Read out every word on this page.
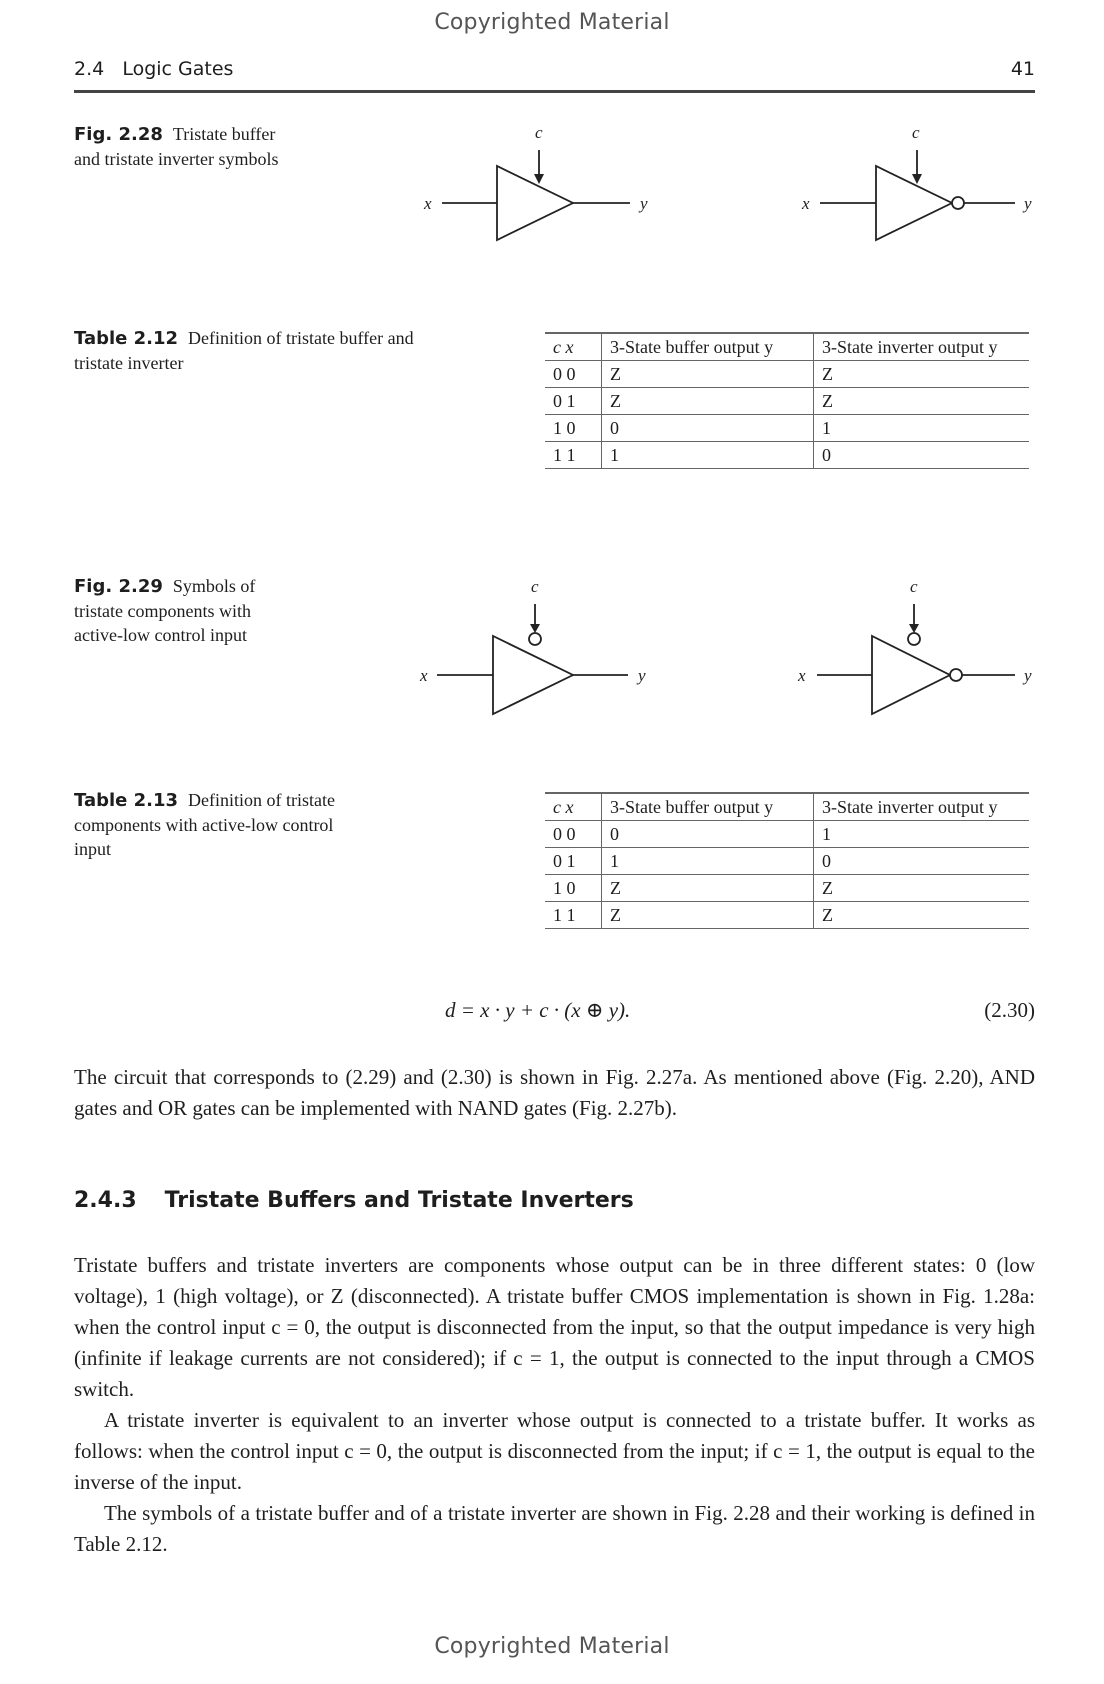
Copyrighted Material
2.4   Logic Gates	41
Fig. 2.28 Tristate buffer and tristate inverter symbols
c
x	y
c
x	y
Table 2.12 Definition of tristate buffer and tristate inverter
c x	3-State buffer output y	3-State inverter output y
0 0	Z	Z
0 1	Z	Z
1 0	0	1
1 1	1	0
Fig. 2.29 Symbols of tristate components with active-low control input
c
x	y
c
x	y
Table 2.13 Definition of tristate components with active-low control input
c x	3-State buffer output y	3-State inverter output y
0 0	0	1
0 1	1	0
1 0	Z	Z
1 1	Z	Z
d = x · y + c · (x ⊕ y).	(2.30)
The circuit that corresponds to (2.29) and (2.30) is shown in Fig. 2.27a. As mentioned above (Fig. 2.20), AND gates and OR gates can be implemented with NAND gates (Fig. 2.27b).
2.4.3 Tristate Buffers and Tristate Inverters
Tristate buffers and tristate inverters are components whose output can be in three different states: 0 (low voltage), 1 (high voltage), or Z (disconnected). A tristate buffer CMOS implementation is shown in Fig. 1.28a: when the control input c = 0, the output is disconnected from the input, so that the output impedance is very high (infinite if leakage currents are not considered); if c = 1, the output is connected to the input through a CMOS switch.
A tristate inverter is equivalent to an inverter whose output is connected to a tristate buffer. It works as follows: when the control input c = 0, the output is disconnected from the input; if c = 1, the output is equal to the inverse of the input.
The symbols of a tristate buffer and of a tristate inverter are shown in Fig. 2.28 and their working is defined in Table 2.12.
Copyrighted Material
